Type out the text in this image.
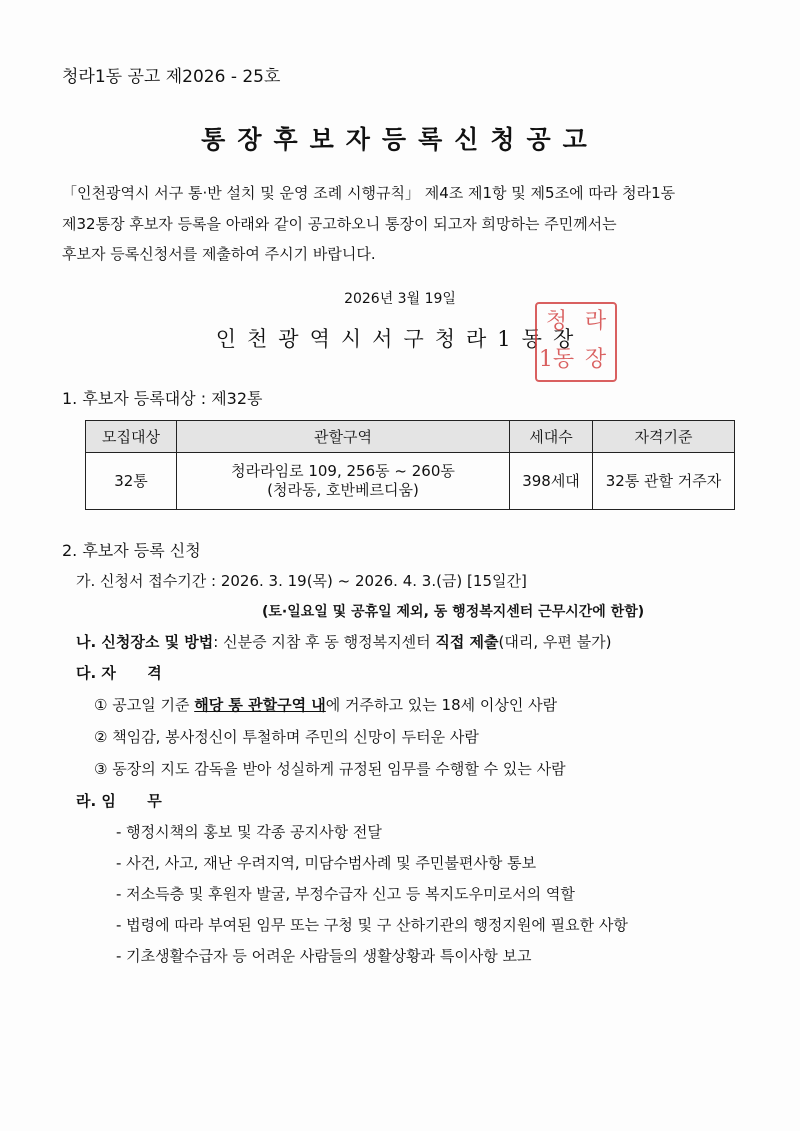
청라1동 공고 제2026 - 25호
통장후보자등록신청공고
「인천광역시 서구 통·반 설치 및 운영 조례 시행규칙」 제4조 제1항 및 제5조에 따라 청라1동
제32통장 후보자 등록을 아래와 같이 공고하오니 통장이 되고자 희망하는 주민께서는
후보자 등록신청서를 제출하여 주시기 바랍니다.
2026년 3월 19일
인천광역시서구청라1동장
청 라
1동 장
1. 후보자 등록대상 : 제32통
모집대상	관할구역	세대수	자격기준
32통	청라라임로 109, 256동 ~ 260동
(청라동, 호반베르디움)	398세대	32통 관할 거주자
2. 후보자 등록 신청
가. 신청서 접수기간 : 2026. 3. 19(목) ~ 2026. 4. 3.(금) [15일간]
(토·일요일 및 공휴일 제외, 동 행정복지센터 근무시간에 한함)
나. 신청장소 및 방법: 신분증 지참 후 동 행정복지센터 직접 제출(대리, 우편 불가)
다. 자      격
① 공고일 기준 해당 통 관할구역 내에 거주하고 있는 18세 이상인 사람
② 책임감, 봉사정신이 투철하며 주민의 신망이 두터운 사람
③ 동장의 지도 감독을 받아 성실하게 규정된 임무를 수행할 수 있는 사람
라. 임      무
- 행정시책의 홍보 및 각종 공지사항 전달
- 사건, 사고, 재난 우려지역, 미담수범사례 및 주민불편사항 통보
- 저소득층 및 후원자 발굴, 부정수급자 신고 등 복지도우미로서의 역할
- 법령에 따라 부여된 임무 또는 구청 및 구 산하기관의 행정지원에 필요한 사항
- 기초생활수급자 등 어려운 사람들의 생활상황과 특이사항 보고
